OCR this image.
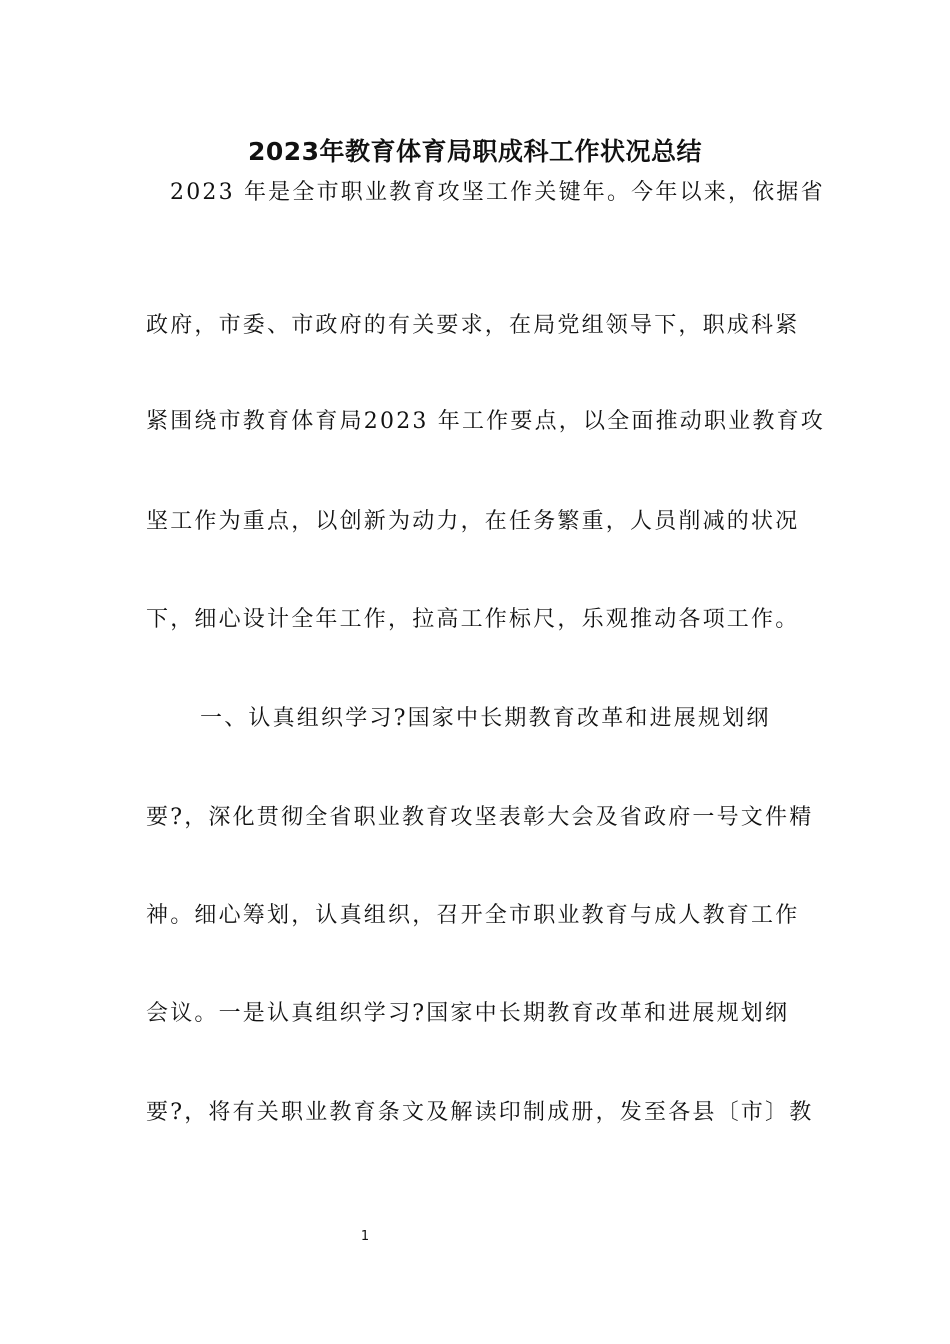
2023年教育体育局职成科工作状况总结
2023 年是全市职业教育攻坚工作关键年。今年以来，依据省
政府，市委、市政府的有关要求，在局党组领导下，职成科紧
紧围绕市教育体育局2023 年工作要点，以全面推动职业教育攻
坚工作为重点，以创新为动力，在任务繁重，人员削减的状况
下，细心设计全年工作，拉高工作标尺，乐观推动各项工作。
一、认真组织学习?国家中长期教育改革和进展规划纲
要?，深化贯彻全省职业教育攻坚表彰大会及省政府一号文件精
神。细心筹划，认真组织，召开全市职业教育与成人教育工作
会议。一是认真组织学习?国家中长期教育改革和进展规划纲
要?，将有关职业教育条文及解读印制成册，发至各县〔市〕教
1
